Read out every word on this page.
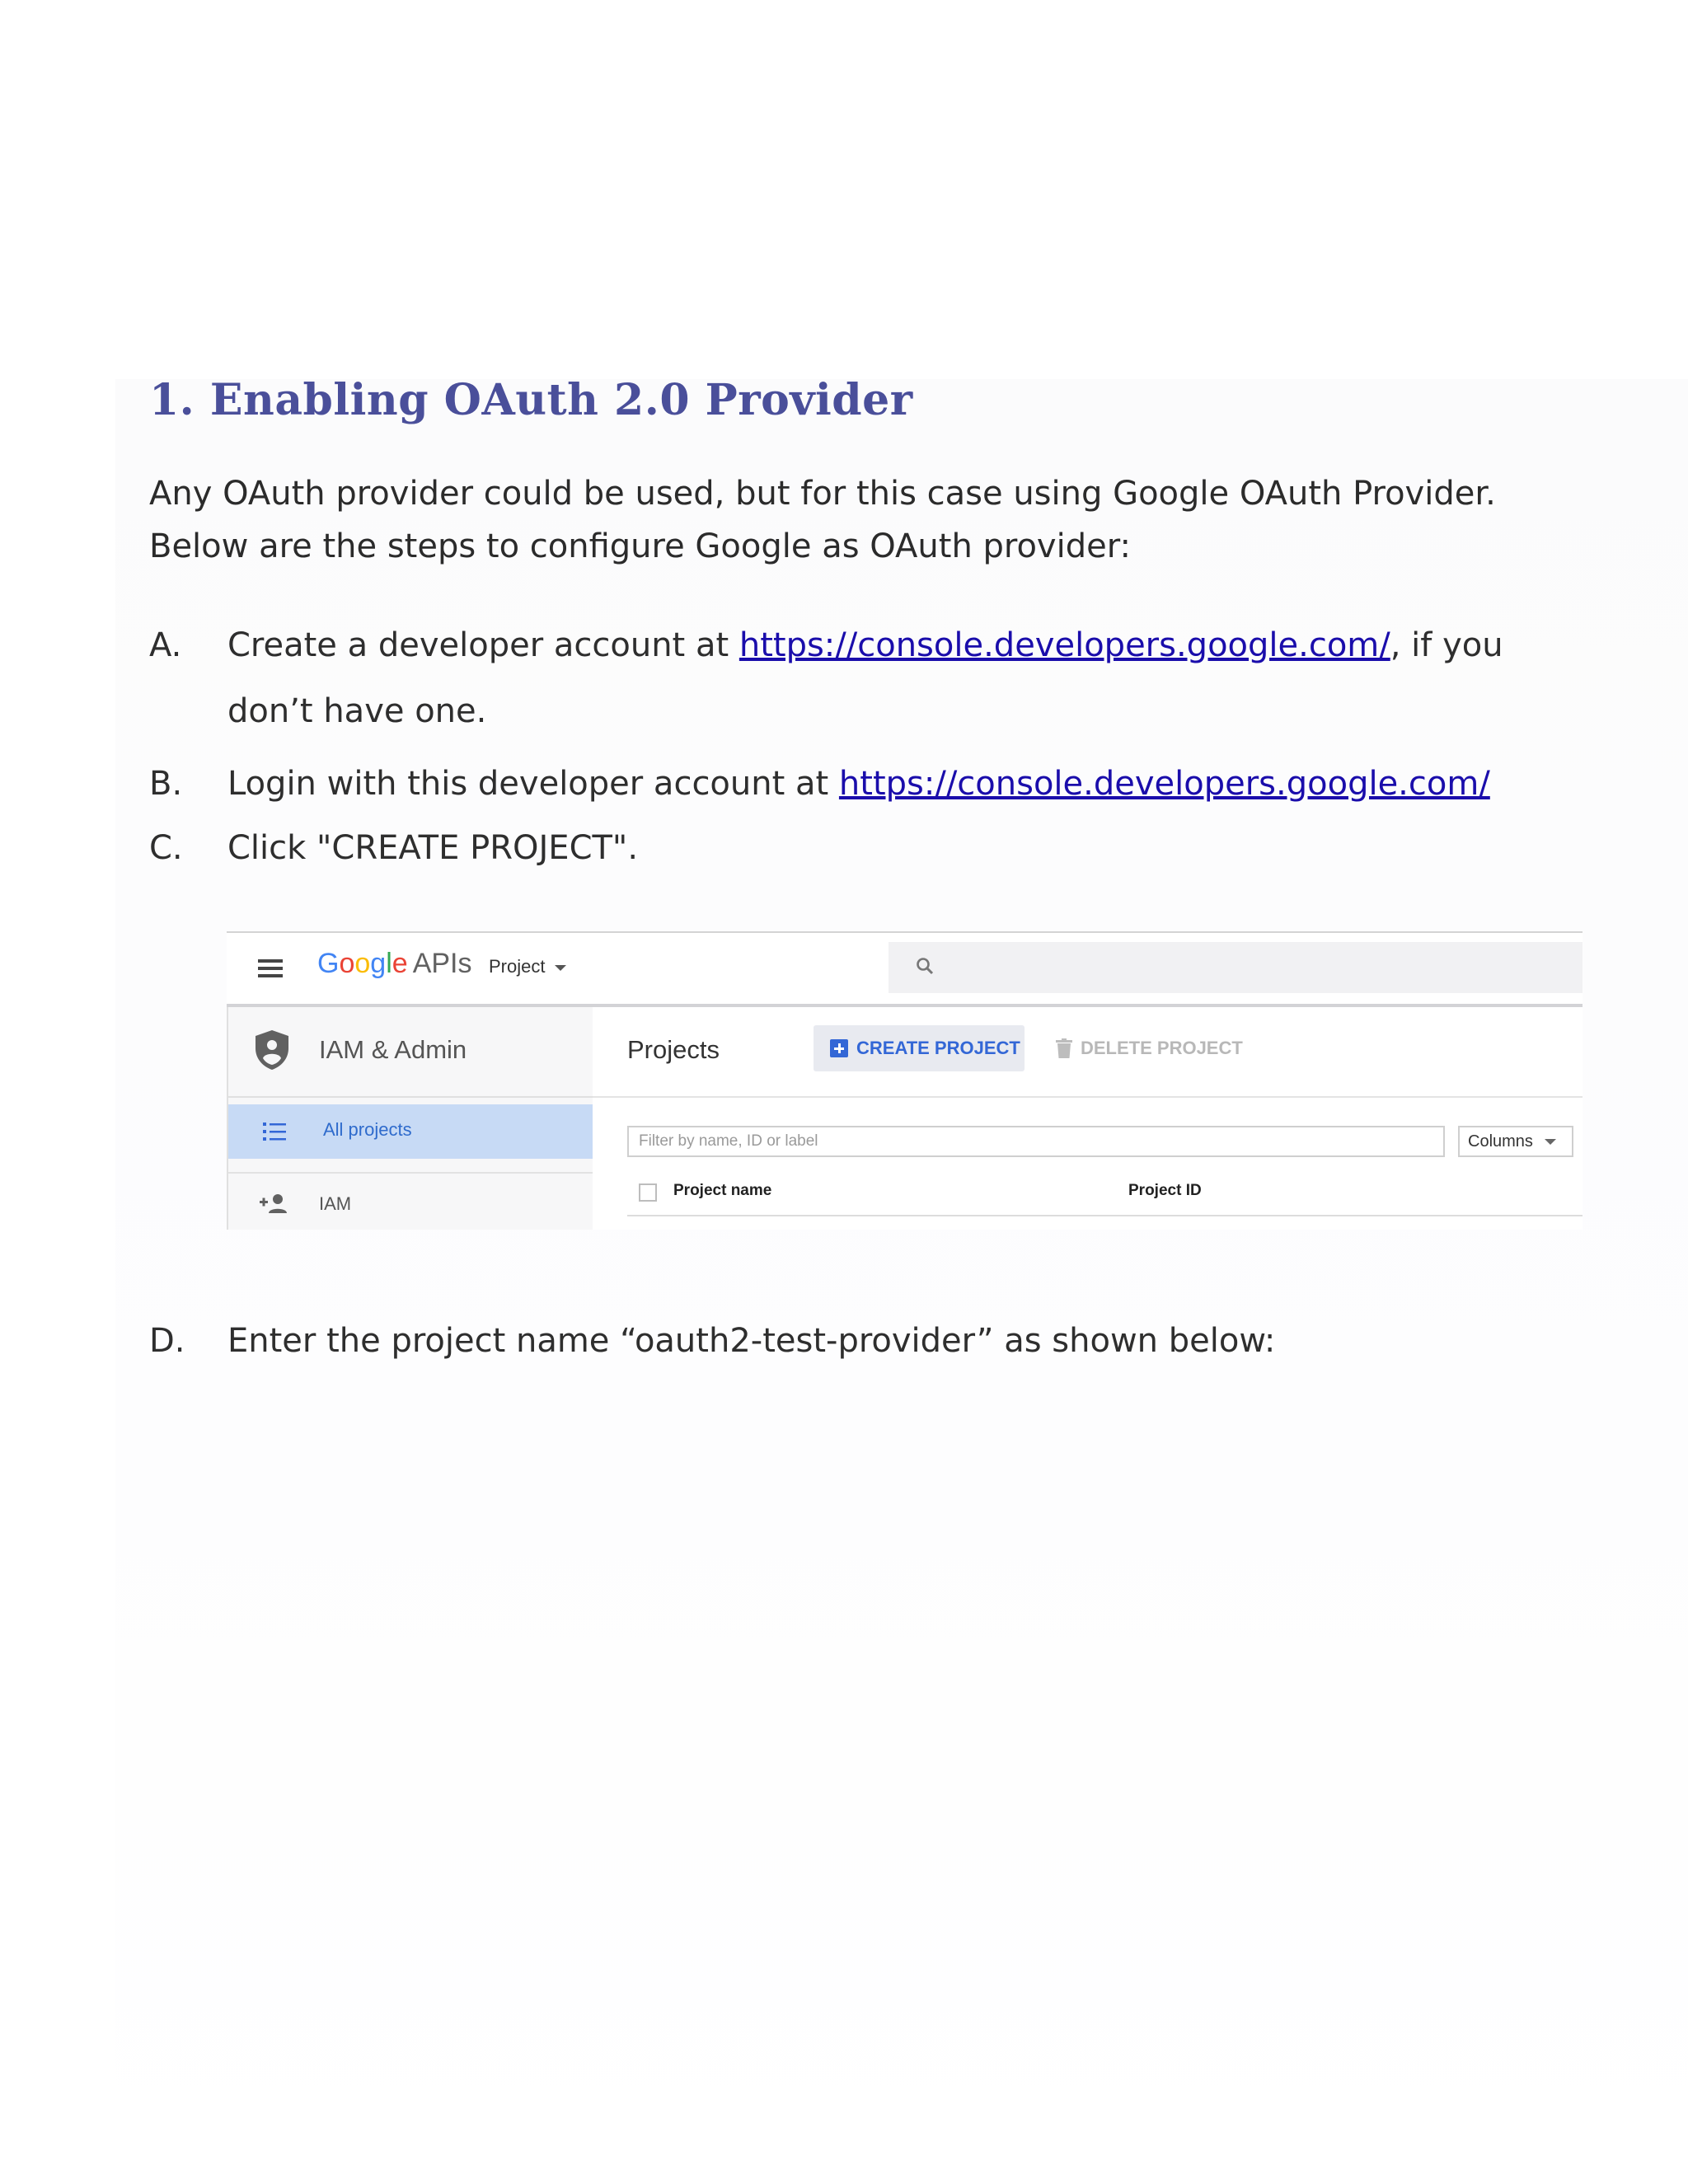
1. Enabling OAuth 2.0 Provider

Any OAuth provider could be used, but for this case using Google OAuth Provider.

Below are the steps to configure Google as OAuth provider:

A. Create a developer account at https://console.developers.google.com/, if you
don’t have one.
B. Login with this developer account at https://console.developers.google.com/
C. Click "CREATE PROJECT".
Google APIs Project
IAM & Admin
All projects
IAM
Projects	CREATE PROJECT	DELETE PROJECT
Filter by name, ID or label	Columns
Project name	Project ID
D. Enter the project name “oauth2-test-provider” as shown below:
